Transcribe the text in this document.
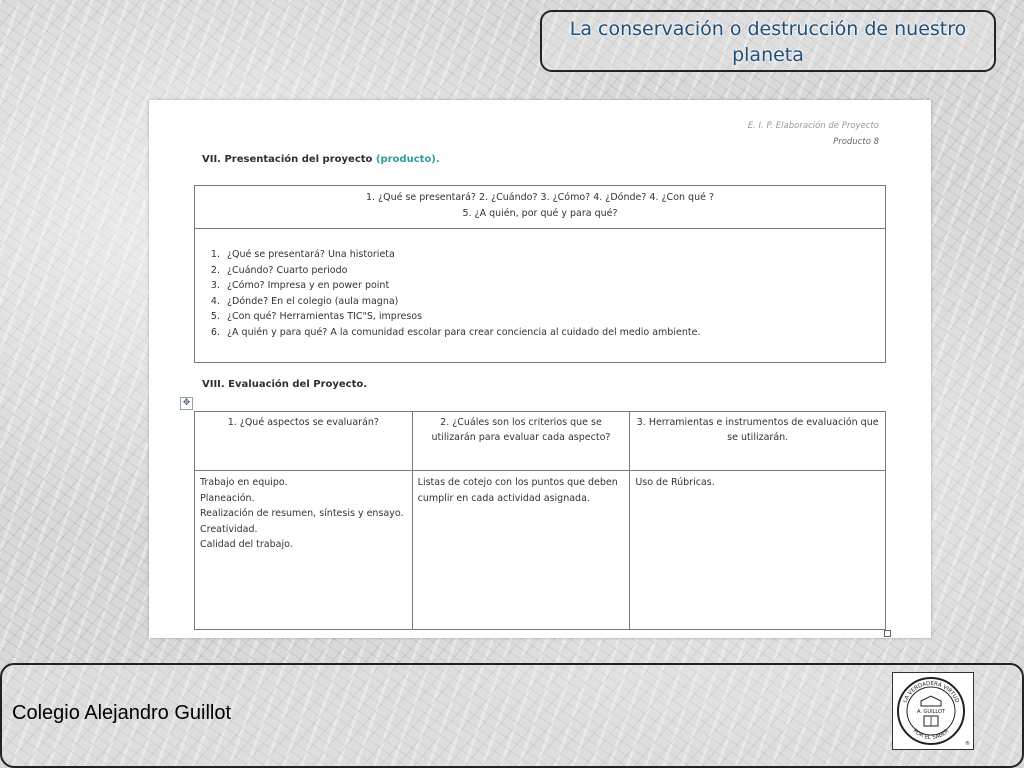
La conservación o destrucción de nuestro planeta
E. I. P. Elaboración de Proyecto
Producto 8
VII. Presentación del proyecto (producto).
1. ¿Qué se presentará? 2. ¿Cuándo? 3. ¿Cómo? 4. ¿Dónde? 4. ¿Con qué ?
5. ¿A quién, por qué y para qué?
1. ¿Qué se presentará? Una historieta
2. ¿Cuándo? Cuarto periodo
3. ¿Cómo? Impresa y en power point
4. ¿Dónde? En el colegio (aula magna)
5. ¿Con qué? Herramientas TIC"S, impresos
6. ¿A quién y para qué? A la comunidad escolar para crear conciencia al cuidado del medio ambiente.
VIII. Evaluación del Proyecto.
✥
1. ¿Qué aspectos se evaluarán?	2. ¿Cuáles son los criterios que se utilizarán para evaluar cada aspecto?	3. Herramientas e instrumentos de evaluación que se utilizarán.

Trabajo en equipo.
Planeación.
Realización de resumen, síntesis y ensayo.
Creatividad.
Calidad del trabajo.	Listas de cotejo con los puntos que deben cumplir en cada actividad asignada.	Uso de Rúbricas.
Colegio Alejandro Guillot
LA VERDADERA VIRTUD
POR EL SABER
A. GUILLOT
®
